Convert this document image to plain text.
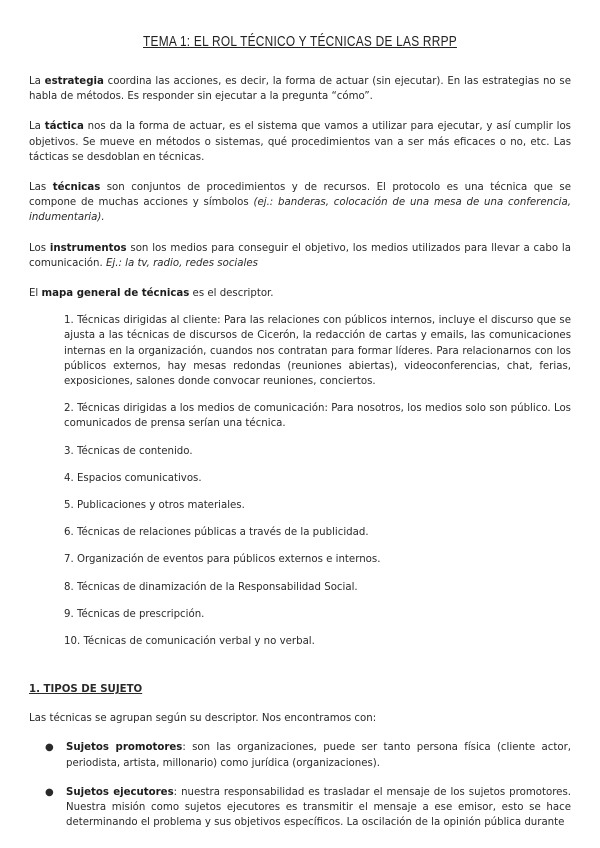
TEMA 1: EL ROL TÉCNICO Y TÉCNICAS DE LAS RRPP

La estrategia coordina las acciones, es decir, la forma de actuar (sin ejecutar). En las estrategias no se habla de métodos. Es responder sin ejecutar a la pregunta “cómo”.

La táctica nos da la forma de actuar, es el sistema que vamos a utilizar para ejecutar, y así cumplir los objetivos. Se mueve en métodos o sistemas, qué procedimientos van a ser más eficaces o no, etc. Las tácticas se desdoblan en técnicas.

Las técnicas son conjuntos de procedimientos y de recursos. El protocolo es una técnica que se compone de muchas acciones y símbolos (ej.: banderas, colocación de una mesa de una conferencia, indumentaria).

Los instrumentos son los medios para conseguir el objetivo, los medios utilizados para llevar a cabo la comunicación. Ej.: la tv, radio, redes sociales

El mapa general de técnicas es el descriptor.

1. Técnicas dirigidas al cliente: Para las relaciones con públicos internos, incluye el discurso que se ajusta a las técnicas de discursos de Cicerón, la redacción de cartas y emails, las comunicaciones internas en la organización, cuandos nos contratan para formar líderes. Para relacionarnos con los públicos externos, hay mesas redondas (reuniones abiertas), videoconferencias, chat, ferias, exposiciones, salones donde convocar reuniones, conciertos.

2. Técnicas dirigidas a los medios de comunicación: Para nosotros, los medios solo son público. Los comunicados de prensa serían una técnica.

3. Técnicas de contenido.

4. Espacios comunicativos.

5. Publicaciones y otros materiales.

6. Técnicas de relaciones públicas a través de la publicidad.

7. Organización de eventos para públicos externos e internos.

8. Técnicas de dinamización de la Responsabilidad Social.

9. Técnicas de prescripción.

10. Técnicas de comunicación verbal y no verbal.

1. TIPOS DE SUJETO

Las técnicas se agrupan según su descriptor. Nos encontramos con:

● Sujetos promotores: son las organizaciones, puede ser tanto persona física (cliente actor, periodista, artista, millonario) como jurídica (organizaciones).

● Sujetos ejecutores: nuestra responsabilidad es trasladar el mensaje de los sujetos promotores. Nuestra misión como sujetos ejecutores es transmitir el mensaje a ese emisor, esto se hace determinando el problema y sus objetivos específicos. La oscilación de la opinión pública durante
